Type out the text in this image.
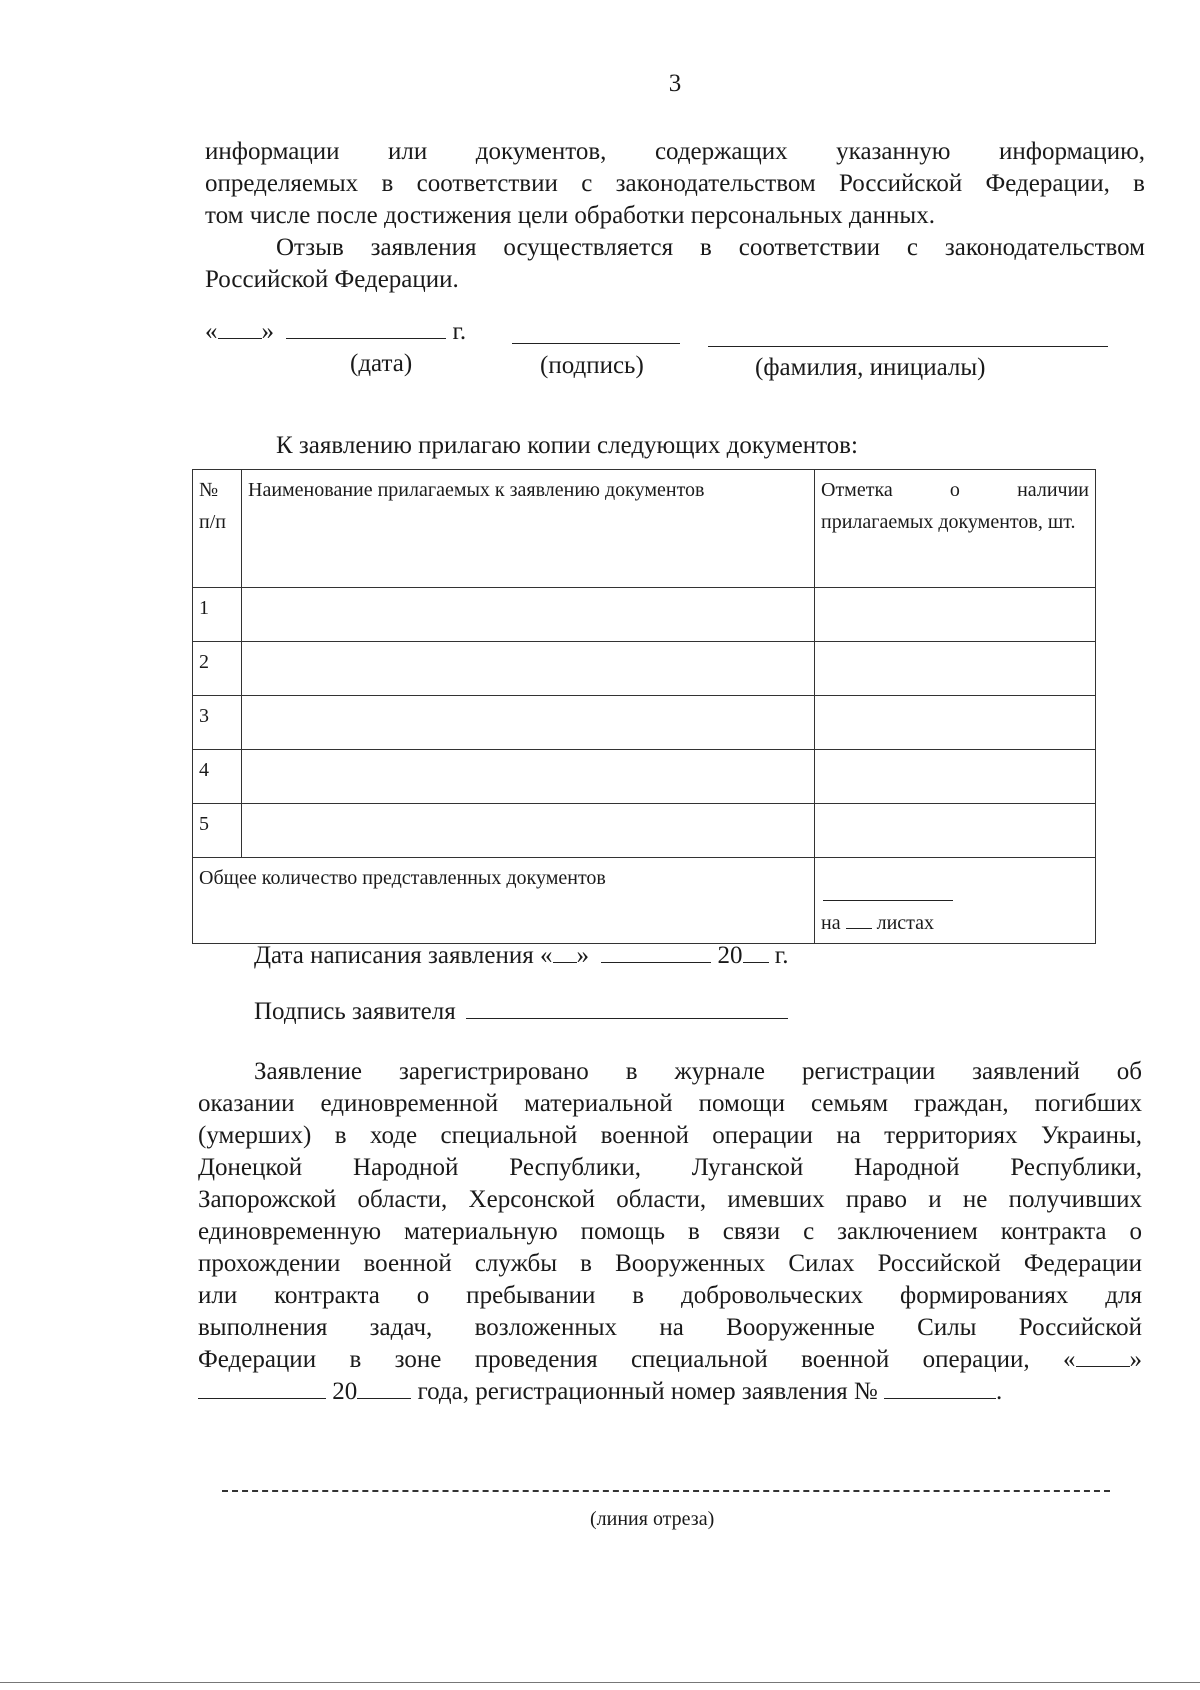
3
информации или документов, содержащих указанную информацию,
определяемых в соответствии с законодательством Российской Федерации, в
том числе после достижения цели обработки персональных данных.
Отзыв заявления осуществляется в соответствии с законодательством
Российской Федерации.
« »	г.
(дата)	(подпись)	(фамилия, инициалы)
К заявлению прилагаю копии следующих документов:
№ п/п	Наименование прилагаемых к заявлению документов	Отметка о наличии прилагаемых документов, шт.
1		
2		
3		
4		
5		
Общее количество представленных документов		на листах
Дата написания заявления « »	20 г.
Подпись заявителя
Заявление зарегистрировано в журнале регистрации заявлений об
оказании единовременной материальной помощи семьям граждан, погибших
(умерших) в ходе специальной военной операции на территориях Украины,
Донецкой Народной Республики, Луганской Народной Республики,
Запорожской области, Херсонской области, имевших право и не получивших
единовременную материальную помощь в связи с заключением контракта о
прохождении военной службы в Вооруженных Силах Российской Федерации
или контракта о пребывании в добровольческих формированиях для
выполнения задач, возложенных на Вооруженные Силы Российской
Федерации в зоне проведения специальной военной операции, « »
20 года, регистрационный номер заявления №	.
(линия отреза)
